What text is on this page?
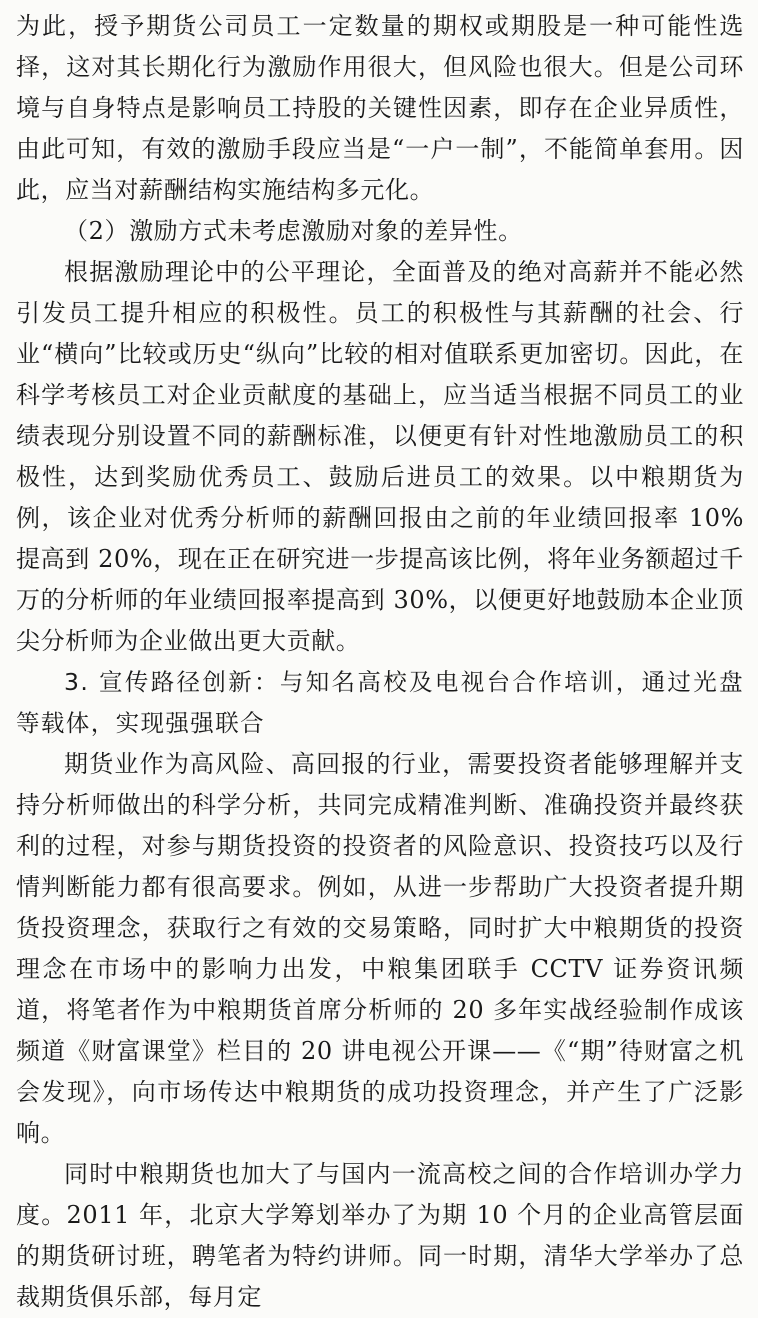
为此，授予期货公司员工一定数量的期权或期股是一种可能性选择，这对其长期化行为激励作用很大，但风险也很大。但是公司环境与自身特点是影响员工持股的关键性因素，即存在企业异质性，由此可知，有效的激励手段应当是“一户一制”，不能简单套用。因此，应当对薪酬结构实施结构多元化。

（2）激励方式未考虑激励对象的差异性。

根据激励理论中的公平理论，全面普及的绝对高薪并不能必然引发员工提升相应的积极性。员工的积极性与其薪酬的社会、行业“横向”比较或历史“纵向”比较的相对值联系更加密切。因此，在科学考核员工对企业贡献度的基础上，应当适当根据不同员工的业绩表现分别设置不同的薪酬标准，以便更有针对性地激励员工的积极性，达到奖励优秀员工、鼓励后进员工的效果。以中粮期货为例，该企业对优秀分析师的薪酬回报由之前的年业绩回报率 10% 提高到 20%，现在正在研究进一步提高该比例，将年业务额超过千万的分析师的年业绩回报率提高到 30%，以便更好地鼓励本企业顶尖分析师为企业做出更大贡献。

3. 宣传路径创新：与知名高校及电视台合作培训，通过光盘等载体，实现强强联合

期货业作为高风险、高回报的行业，需要投资者能够理解并支持分析师做出的科学分析，共同完成精准判断、准确投资并最终获利的过程，对参与期货投资的投资者的风险意识、投资技巧以及行情判断能力都有很高要求。例如，从进一步帮助广大投资者提升期货投资理念，获取行之有效的交易策略，同时扩大中粮期货的投资理念在市场中的影响力出发，中粮集团联手 CCTV 证券资讯频道，将笔者作为中粮期货首席分析师的 20 多年实战经验制作成该频道《财富课堂》栏目的 20 讲电视公开课——《“期”待财富之机会发现》，向市场传达中粮期货的成功投资理念，并产生了广泛影响。

同时中粮期货也加大了与国内一流高校之间的合作培训办学力度。2011 年，北京大学筹划举办了为期 10 个月的企业高管层面的期货研讨班，聘笔者为特约讲师。同一时期，清华大学举办了总裁期货俱乐部，每月定
